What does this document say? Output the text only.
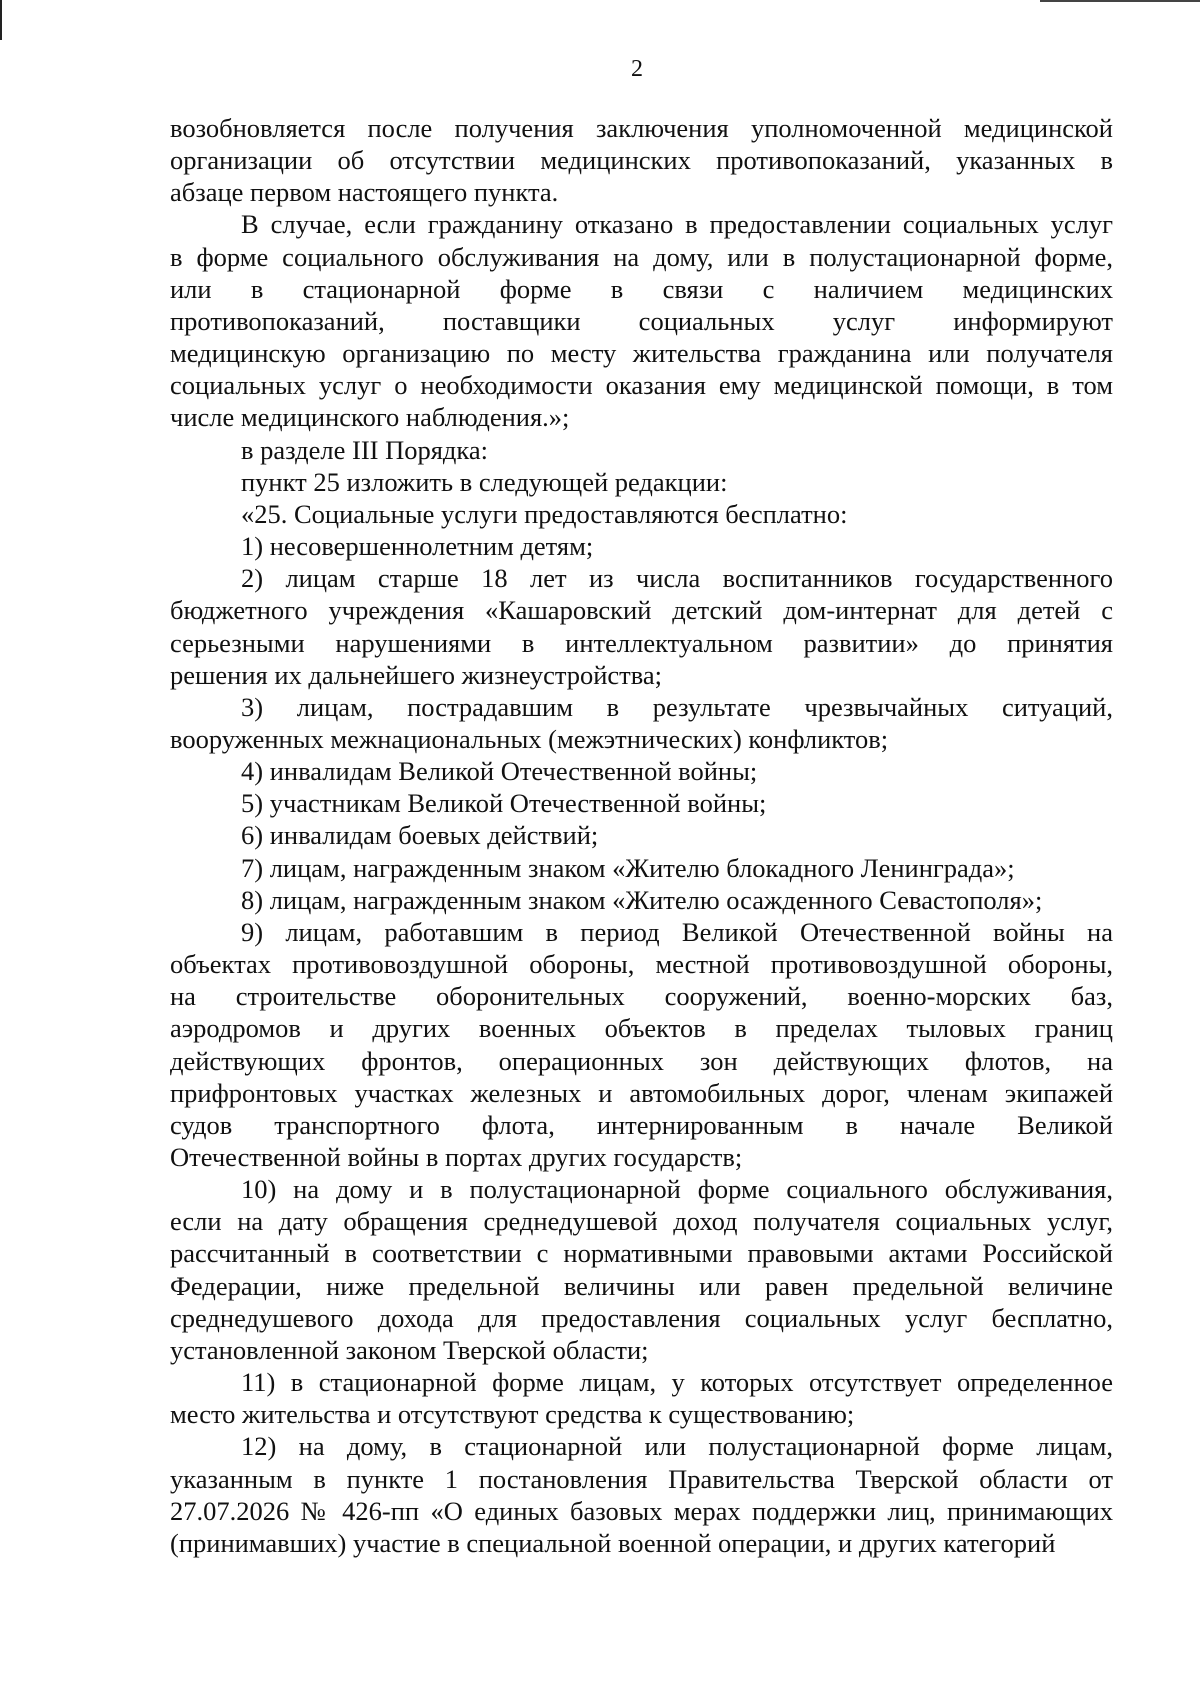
2
возобновляется после получения заключения уполномоченной медицинской
организации об отсутствии медицинских противопоказаний, указанных в
абзаце первом настоящего пункта.
В случае, если гражданину отказано в предоставлении социальных услуг
в форме социального обслуживания на дому, или в полустационарной форме,
или в стационарной форме в связи с наличием медицинских
противопоказаний, поставщики социальных услуг информируют
медицинскую организацию по месту жительства гражданина или получателя
социальных услуг о необходимости оказания ему медицинской помощи, в том
числе медицинского наблюдения.»;
в разделе III Порядка:
пункт 25 изложить в следующей редакции:
«25. Социальные услуги предоставляются бесплатно:
1) несовершеннолетним детям;
2) лицам старше 18 лет из числа воспитанников государственного
бюджетного учреждения «Кашаровский детский дом-интернат для детей с
серьезными нарушениями в интеллектуальном развитии» до принятия
решения их дальнейшего жизнеустройства;
3) лицам, пострадавшим в результате чрезвычайных ситуаций,
вооруженных межнациональных (межэтнических) конфликтов;
4) инвалидам Великой Отечественной войны;
5) участникам Великой Отечественной войны;
6) инвалидам боевых действий;
7) лицам, награжденным знаком «Жителю блокадного Ленинграда»;
8) лицам, награжденным знаком «Жителю осажденного Севастополя»;
9) лицам, работавшим в период Великой Отечественной войны на
объектах противовоздушной обороны, местной противовоздушной обороны,
на строительстве оборонительных сооружений, военно-морских баз,
аэродромов и других военных объектов в пределах тыловых границ
действующих фронтов, операционных зон действующих флотов, на
прифронтовых участках железных и автомобильных дорог, членам экипажей
судов транспортного флота, интернированным в начале Великой
Отечественной войны в портах других государств;
10) на дому и в полустационарной форме социального обслуживания,
если на дату обращения среднедушевой доход получателя социальных услуг,
рассчитанный в соответствии с нормативными правовыми актами Российской
Федерации, ниже предельной величины или равен предельной величине
среднедушевого дохода для предоставления социальных услуг бесплатно,
установленной законом Тверской области;
11) в стационарной форме лицам, у которых отсутствует определенное
место жительства и отсутствуют средства к существованию;
12) на дому, в стационарной или полустационарной форме лицам,
указанным в пункте 1 постановления Правительства Тверской области от
27.07.2026 № 426-пп «О единых базовых мерах поддержки лиц, принимающих
(принимавших) участие в специальной военной операции, и других категорий
